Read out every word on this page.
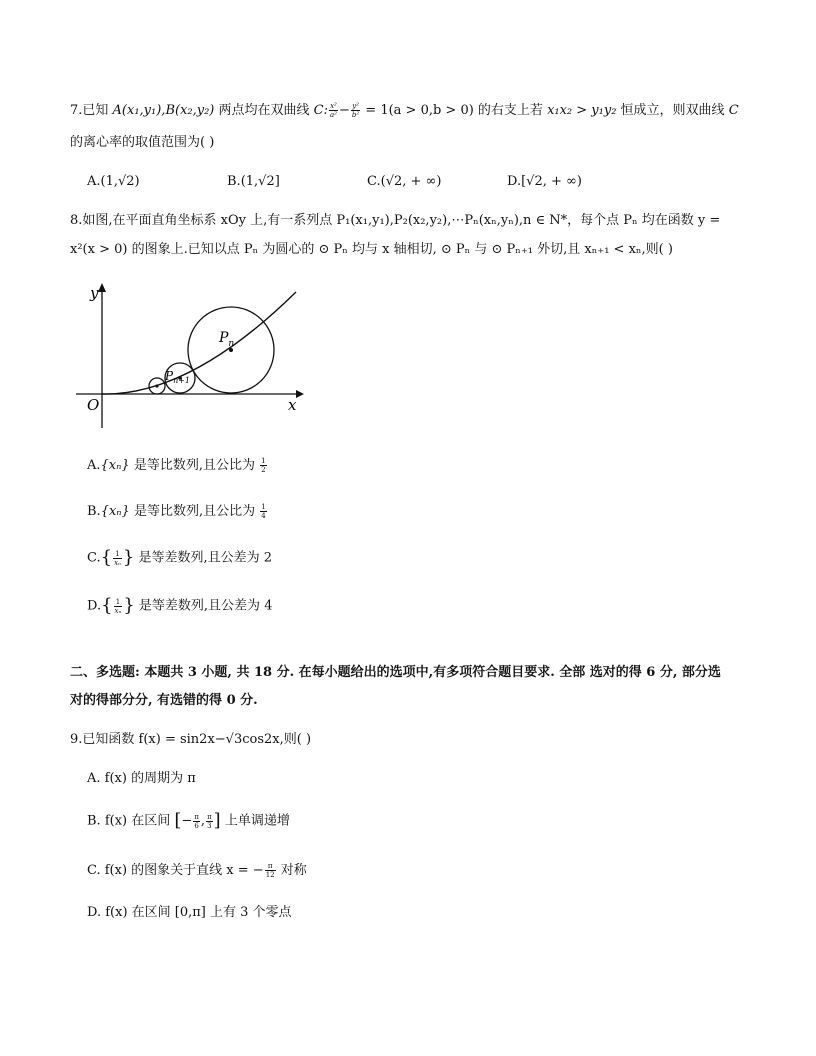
7.已知 A(x₁,y₁),B(x₂,y₂) 两点均在双曲线 C: $\frac{\text{x²}}{\text{a²}} - \frac{\text{y²}}{\text{b²}} = 1(a > 0,b > 0)$ 的右支上若 x₁x₂ > y₁y₂ 恒成立，则双曲线 C
的离心率的取值范围为( )
A.(1,√2)	B.(1,√2]	C.(√2, + ∞)	D.[√2, + ∞)
8.如图,在平面直角坐标系 xOy 上,有一系列点 P₁(x₁,y₁),P₂(x₂,y₂),⋯Pₙ(xₙ,yₙ),n ∈ N*，每个点 Pₙ 均在函数 y =
x²(x > 0) 的图象上.已知以点 Pₙ 为圆心的 ⊙ Pₙ 均与 x 轴相切, ⊙ Pₙ 与 ⊙ Pₙ₊₁ 外切,且 xₙ₊₁ < xₙ,则( )
y
x
O
$P_n$
$P_{n+1}$
A.{xₙ} 是等比数列,且公比为 $\frac{1}{2}$
B.{xₙ} 是等比数列,且公比为 $\frac{1}{4}$
$C.\{ \frac{1}{\text{xₙ}}$ } 是等差数列,且公差为 2
$D.\{ \frac{1}{\text{xₙ}}$ } 是等差数列,且公差为 4
二、多选题: 本题共 3 小题, 共 18 分. 在每小题给出的选项中,有多项符合题目要求. 全部 选对的得 6 分, 部分选
对的得部分分, 有选错的得 0 分.
9.已知函数 f(x) = sin2x−√3cos2x,则( )
A. f(x) 的周期为 π
B. f(x) 在区间 [− $\frac{\pi}{6}$ , $\frac{\pi}{3}$ ] 上单调递增
C. f(x) 的图象关于直线 x = − $\frac{\pi}{12}$ 对称
D. f(x) 在区间 [0,π] 上有 3 个零点
